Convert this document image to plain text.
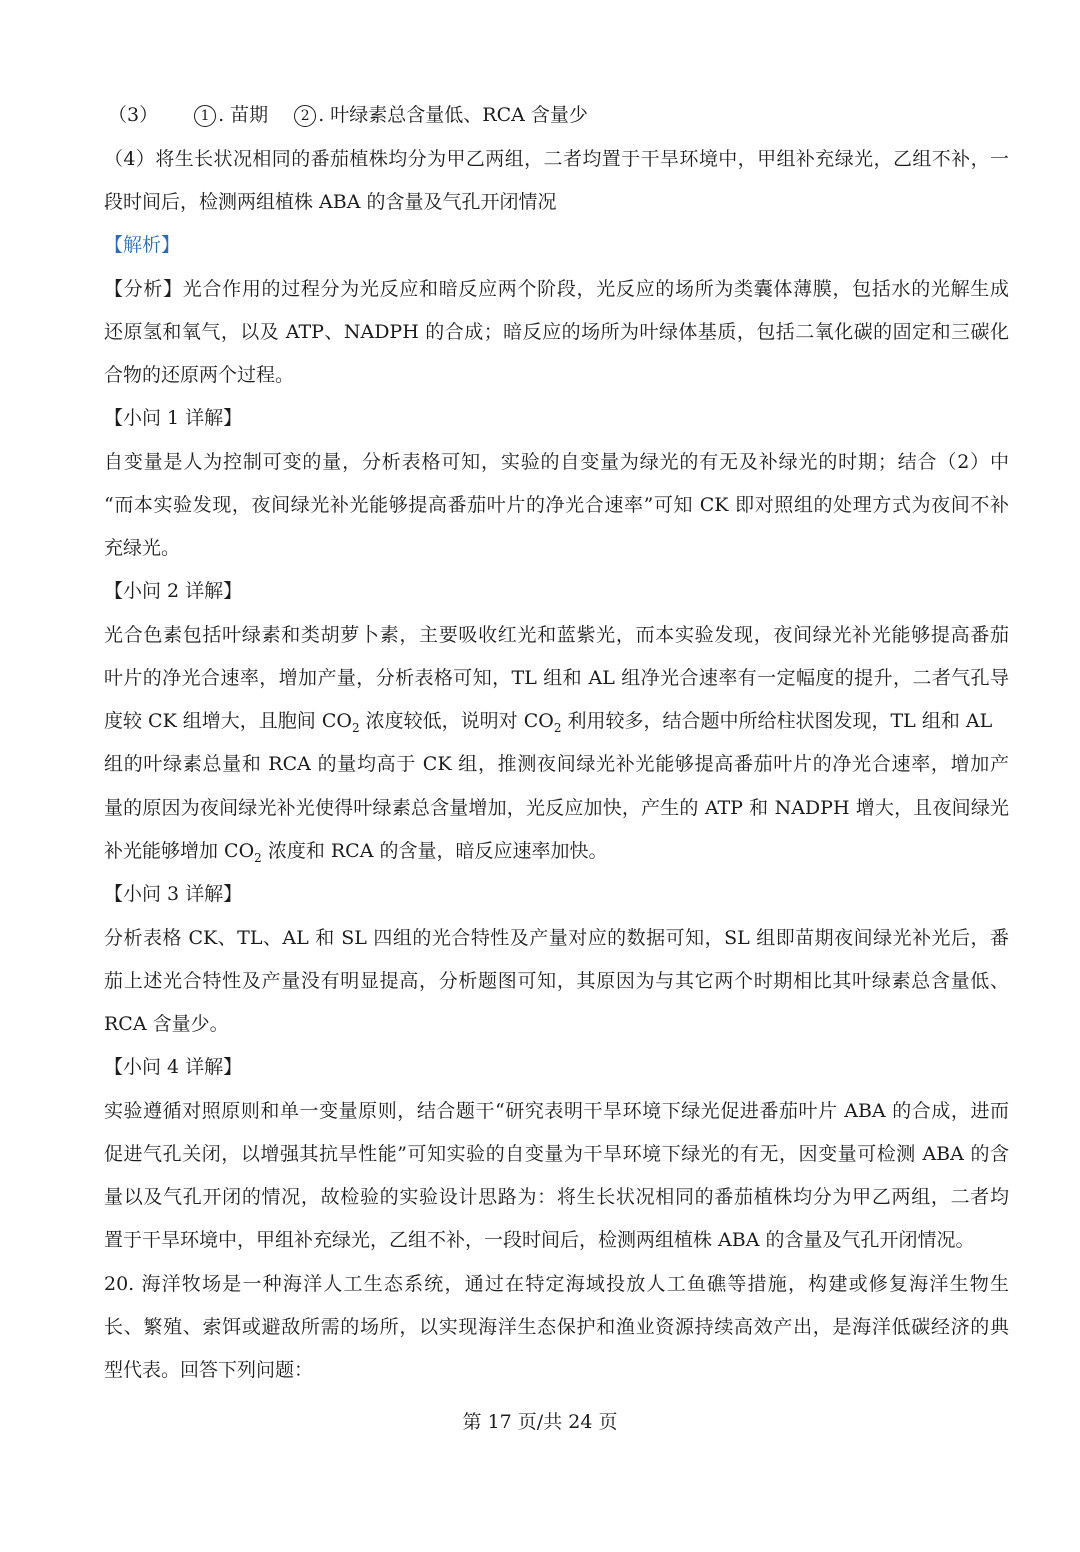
（3）	1 . 苗期 2 . 叶绿素总含量低、RCA 含量少
（4）将生长状况相同的番茄植株均分为甲乙两组，二者均置于干旱环境中，甲组补充绿光，乙组不补，一
段时间后，检测两组植株 ABA 的含量及气孔开闭情况
【解析】
【分析】光合作用的过程分为光反应和暗反应两个阶段，光反应的场所为类囊体薄膜，包括水的光解生成
还原氢和氧气，以及 ATP、NADPH 的合成；暗反应的场所为叶绿体基质，包括二氧化碳的固定和三碳化
合物的还原两个过程。
【小问 1 详解】
自变量是人为控制可变的量，分析表格可知，实验的自变量为绿光的有无及补绿光的时期；结合（2）中
“而本实验发现，夜间绿光补光能够提高番茄叶片的净光合速率”可知 CK 即对照组的处理方式为夜间不补
充绿光。
【小问 2 详解】
光合色素包括叶绿素和类胡萝卜素，主要吸收红光和蓝紫光，而本实验发现，夜间绿光补光能够提高番茄
叶片的净光合速率，增加产量，分析表格可知，TL 组和 AL 组净光合速率有一定幅度的提升，二者气孔导
度较 CK 组增大，且胞间 $CO_2$ 浓度较低，说明对 $CO_2$ 利用较多，结合题中所给柱状图发现，TL 组和 AL
组的叶绿素总量和 RCA 的量均高于 CK 组，推测夜间绿光补光能够提高番茄叶片的净光合速率，增加产
量的原因为夜间绿光补光使得叶绿素总含量增加，光反应加快，产生的 ATP 和 NADPH 增大，且夜间绿光
补光能够增加 $CO_2$ 浓度和 RCA 的含量，暗反应速率加快。
【小问 3 详解】
分析表格 CK、TL、AL 和 SL 四组的光合特性及产量对应的数据可知，SL 组即苗期夜间绿光补光后，番
茄上述光合特性及产量没有明显提高，分析题图可知，其原因为与其它两个时期相比其叶绿素总含量低、
RCA 含量少。
【小问 4 详解】
实验遵循对照原则和单一变量原则，结合题干“研究表明干旱环境下绿光促进番茄叶片 ABA 的合成，进而
促进气孔关闭，以增强其抗旱性能”可知实验的自变量为干旱环境下绿光的有无，因变量可检测 ABA 的含
量以及气孔开闭的情况，故检验的实验设计思路为：将生长状况相同的番茄植株均分为甲乙两组，二者均
置于干旱环境中，甲组补充绿光，乙组不补，一段时间后，检测两组植株 ABA 的含量及气孔开闭情况。
20. 海洋牧场是一种海洋人工生态系统，通过在特定海域投放人工鱼礁等措施，构建或修复海洋生物生
长、繁殖、索饵或避敌所需的场所，以实现海洋生态保护和渔业资源持续高效产出，是海洋低碳经济的典
型代表。回答下列问题：
第 17 页/共 24 页
